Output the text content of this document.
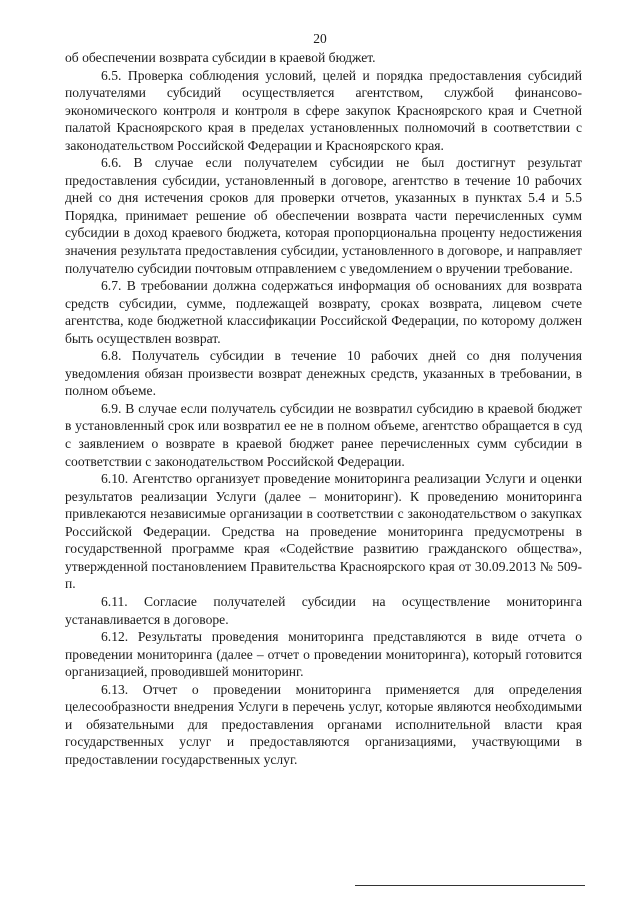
20

об обеспечении возврата субсидии в краевой бюджет.

6.5. Проверка соблюдения условий, целей и порядка предоставления субсидий получателями субсидий осуществляется агентством, службой финансово-экономического контроля и контроля в сфере закупок Красноярского края и Счетной палатой Красноярского края в пределах установленных полномочий в соответствии с законодательством Российской Федерации и Красноярского края.

6.6. В случае если получателем субсидии не был достигнут результат предоставления субсидии, установленный в договоре, агентство в течение 10 рабочих дней со дня истечения сроков для проверки отчетов, указанных в пунктах 5.4 и 5.5 Порядка, принимает решение об обеспечении возврата части перечисленных сумм субсидии в доход краевого бюджета, которая пропорциональна проценту недостижения значения результата предоставления субсидии, установленного в договоре, и направляет получателю субсидии почтовым отправлением с уведомлением о вручении требование.

6.7. В требовании должна содержаться информация об основаниях для возврата средств субсидии, сумме, подлежащей возврату, сроках возврата, лицевом счете агентства, коде бюджетной классификации Российской Федерации, по которому должен быть осуществлен возврат.

6.8. Получатель субсидии в течение 10 рабочих дней со дня получения уведомления обязан произвести возврат денежных средств, указанных в требовании, в полном объеме.

6.9. В случае если получатель субсидии не возвратил субсидию в краевой бюджет в установленный срок или возвратил ее не в полном объеме, агентство обращается в суд с заявлением о возврате в краевой бюджет ранее перечисленных сумм субсидии в соответствии с законодательством Российской Федерации.

6.10. Агентство организует проведение мониторинга реализации Услуги и оценки результатов реализации Услуги (далее – мониторинг). К проведению мониторинга привлекаются независимые организации в соответствии с законодательством о закупках Российской Федерации. Средства на проведение мониторинга предусмотрены в государственной программе края «Содействие развитию гражданского общества», утвержденной постановлением Правительства Красноярского края от 30.09.2013 № 509-п.

6.11. Согласие получателей субсидии на осуществление мониторинга устанавливается в договоре.

6.12. Результаты проведения мониторинга представляются в виде отчета о проведении мониторинга (далее – отчет о проведении мониторинга), который готовится организацией, проводившей мониторинг.

6.13. Отчет о проведении мониторинга применяется для определения целесообразности внедрения Услуги в перечень услуг, которые являются необходимыми и обязательными для предоставления органами исполнительной власти края государственных услуг и предоставляются организациями, участвующими в предоставлении государственных услуг.
